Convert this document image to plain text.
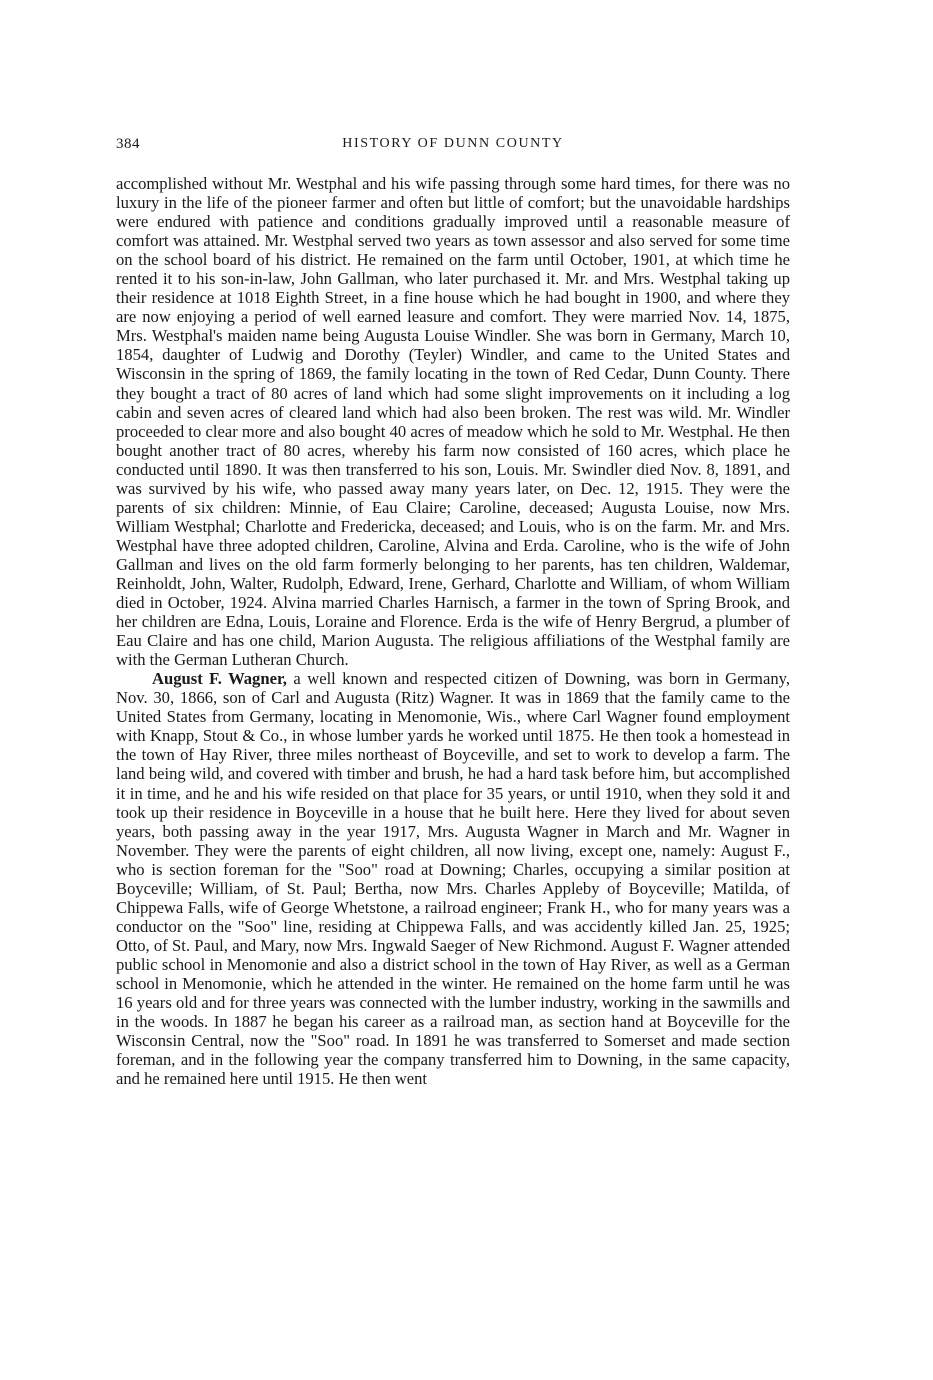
384	HISTORY OF DUNN COUNTY

accomplished without Mr. Westphal and his wife passing through some hard times, for there was no luxury in the life of the pioneer farmer and often but little of comfort; but the unavoidable hardships were endured with patience and conditions gradually improved until a reasonable measure of comfort was attained. Mr. Westphal served two years as town assessor and also served for some time on the school board of his district. He remained on the farm until October, 1901, at which time he rented it to his son-in-law, John Gallman, who later purchased it. Mr. and Mrs. Westphal taking up their residence at 1018 Eighth Street, in a fine house which he had bought in 1900, and where they are now enjoying a period of well earned leasure and comfort. They were married Nov. 14, 1875, Mrs. Westphal's maiden name being Augusta Louise Windler. She was born in Germany, March 10, 1854, daughter of Ludwig and Dorothy (Teyler) Windler, and came to the United States and Wisconsin in the spring of 1869, the family locating in the town of Red Cedar, Dunn County. There they bought a tract of 80 acres of land which had some slight improvements on it including a log cabin and seven acres of cleared land which had also been broken. The rest was wild. Mr. Windler proceeded to clear more and also bought 40 acres of meadow which he sold to Mr. Westphal. He then bought another tract of 80 acres, whereby his farm now consisted of 160 acres, which place he conducted until 1890. It was then transferred to his son, Louis. Mr. Swindler died Nov. 8, 1891, and was survived by his wife, who passed away many years later, on Dec. 12, 1915. They were the parents of six children: Minnie, of Eau Claire; Caroline, deceased; Augusta Louise, now Mrs. William Westphal; Charlotte and Fredericka, deceased; and Louis, who is on the farm. Mr. and Mrs. Westphal have three adopted children, Caroline, Alvina and Erda. Caroline, who is the wife of John Gallman and lives on the old farm formerly belonging to her parents, has ten children, Waldemar, Reinholdt, John, Walter, Rudolph, Edward, Irene, Gerhard, Charlotte and William, of whom William died in October, 1924. Alvina married Charles Harnisch, a farmer in the town of Spring Brook, and her children are Edna, Louis, Loraine and Florence. Erda is the wife of Henry Bergrud, a plumber of Eau Claire and has one child, Marion Augusta. The religious affiliations of the Westphal family are with the German Lutheran Church.

August F. Wagner, a well known and respected citizen of Downing, was born in Germany, Nov. 30, 1866, son of Carl and Augusta (Ritz) Wagner. It was in 1869 that the family came to the United States from Germany, locating in Menomonie, Wis., where Carl Wagner found employment with Knapp, Stout & Co., in whose lumber yards he worked until 1875. He then took a homestead in the town of Hay River, three miles northeast of Boyceville, and set to work to develop a farm. The land being wild, and covered with timber and brush, he had a hard task before him, but accomplished it in time, and he and his wife resided on that place for 35 years, or until 1910, when they sold it and took up their residence in Boyceville in a house that he built here. Here they lived for about seven years, both passing away in the year 1917, Mrs. Augusta Wagner in March and Mr. Wagner in November. They were the parents of eight children, all now living, except one, namely: August F., who is section foreman for the "Soo" road at Downing; Charles, occupying a similar position at Boyceville; William, of St. Paul; Bertha, now Mrs. Charles Appleby of Boyceville; Matilda, of Chippewa Falls, wife of George Whetstone, a railroad engineer; Frank H., who for many years was a conductor on the "Soo" line, residing at Chippewa Falls, and was accidently killed Jan. 25, 1925; Otto, of St. Paul, and Mary, now Mrs. Ingwald Saeger of New Richmond. August F. Wagner attended public school in Menomonie and also a district school in the town of Hay River, as well as a German school in Menomonie, which he attended in the winter. He remained on the home farm until he was 16 years old and for three years was connected with the lumber industry, working in the sawmills and in the woods. In 1887 he began his career as a railroad man, as section hand at Boyceville for the Wisconsin Central, now the "Soo" road. In 1891 he was transferred to Somerset and made section foreman, and in the following year the company transferred him to Downing, in the same capacity, and he remained here until 1915. He then went
